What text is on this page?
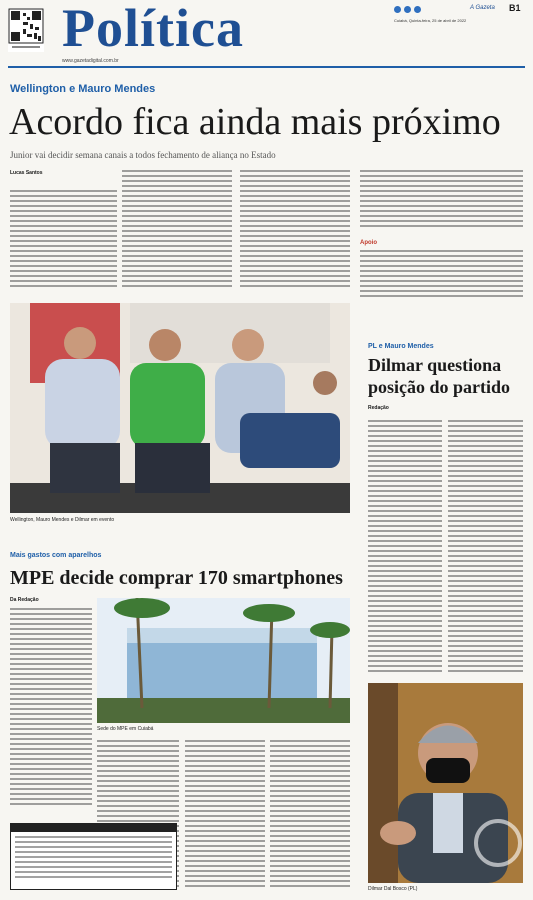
Política
www.gazetadigital.com.br
A Gazeta B1
Cuiabá, Quinta-feira, 25 de abril de 2022
Wellington e Mauro Mendes
Acordo fica ainda mais próximo
Junior vai decidir semana canais a todos fechamento de aliança no Estado
Lucas Santos
Apoio
Wellington, Mauro Mendes e Dilmar em evento
PL e Mauro Mendes
Dilmar questiona
posição do partido
Redação
Dilmar Dal Bosco (PL)
Mais gastos com aparelhos
MPE decide comprar 170 smartphones
Da Redação
Sede do MPE em Cuiabá
